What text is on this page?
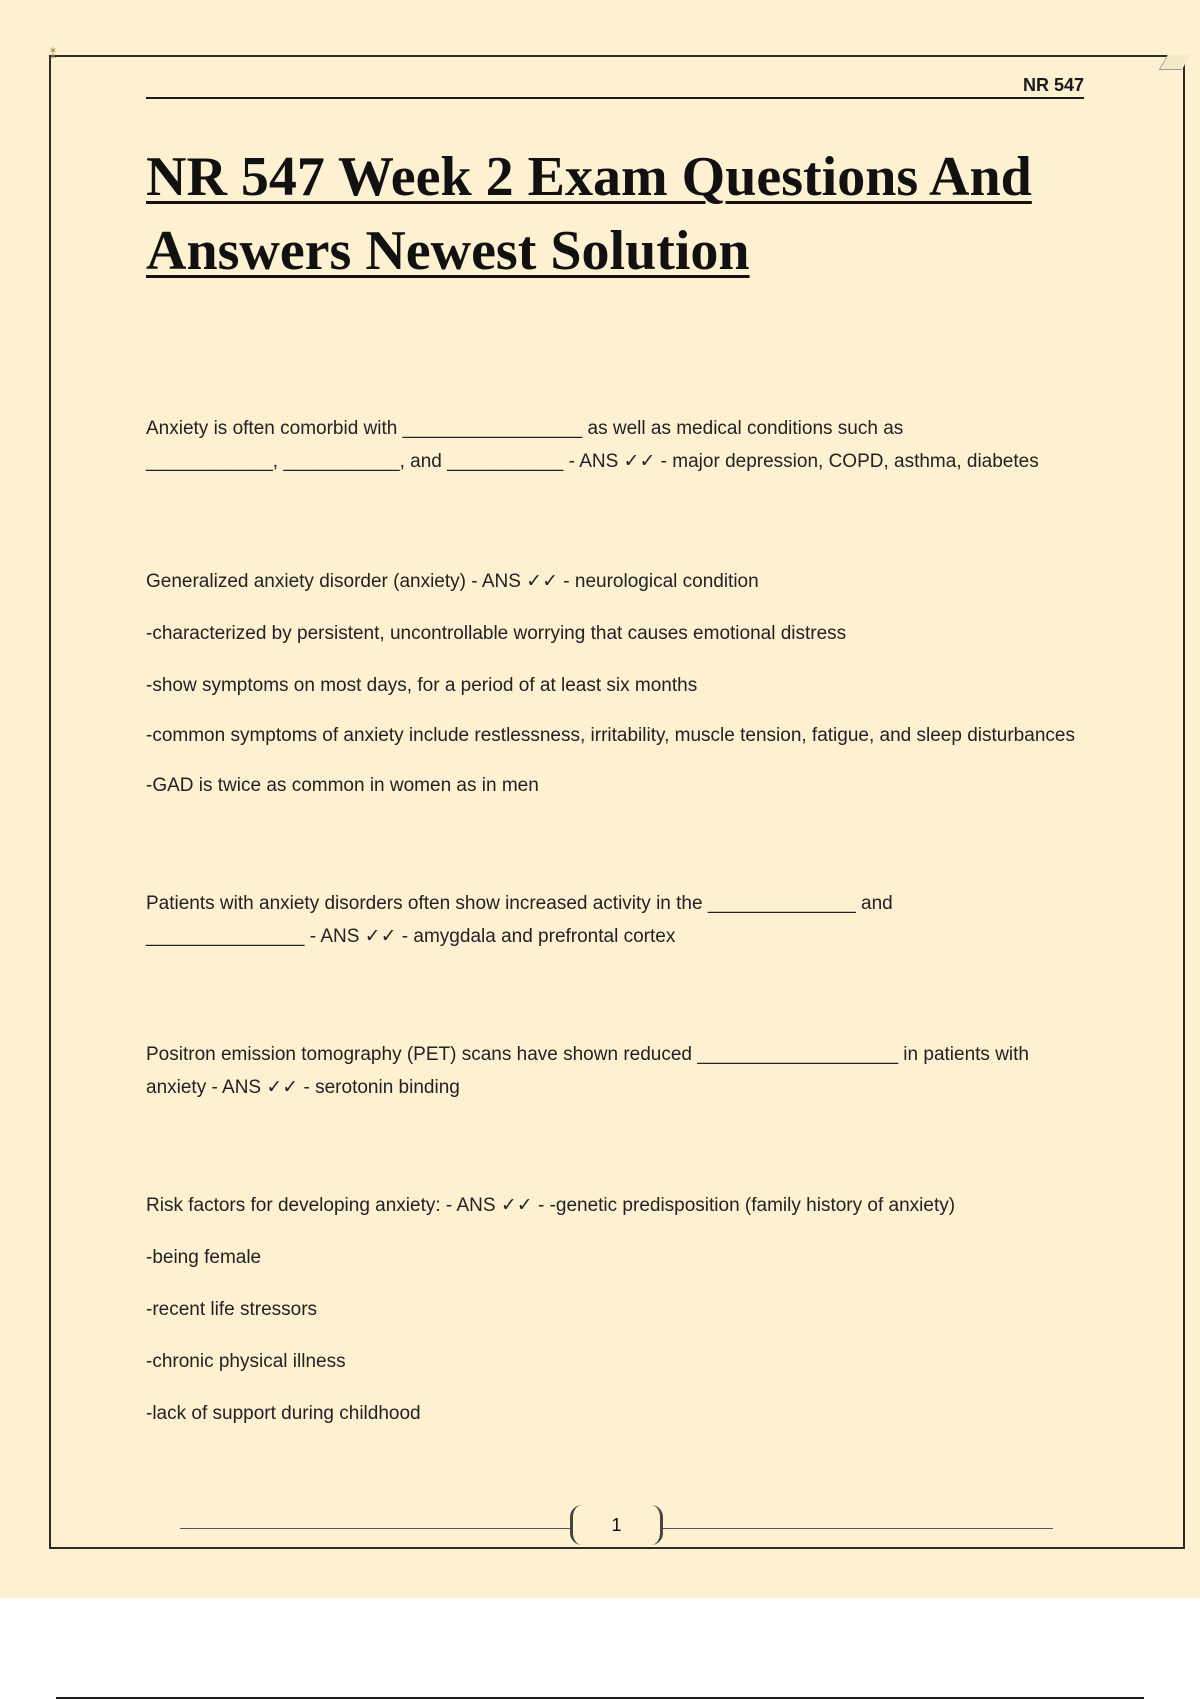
⁑
NR 547
NR 547 Week 2 Exam Questions And Answers Newest Solution

Anxiety is often comorbid with _________________ as well as medical conditions such as

____________, ___________, and ___________ - ANS ✓✓ - major depression, COPD, asthma, diabetes

Generalized anxiety disorder (anxiety) - ANS ✓✓ - neurological condition

-characterized by persistent, uncontrollable worrying that causes emotional distress

-show symptoms on most days, for a period of at least six months

-common symptoms of anxiety include restlessness, irritability, muscle tension, fatigue, and sleep disturbances

-GAD is twice as common in women as in men

Patients with anxiety disorders often show increased activity in the ______________ and

_______________ - ANS ✓✓ - amygdala and prefrontal cortex

Positron emission tomography (PET) scans have shown reduced ___________________ in patients with

anxiety - ANS ✓✓ - serotonin binding

Risk factors for developing anxiety: - ANS ✓✓ - -genetic predisposition (family history of anxiety)

-being female

-recent life stressors

-chronic physical illness

-lack of support during childhood

1
